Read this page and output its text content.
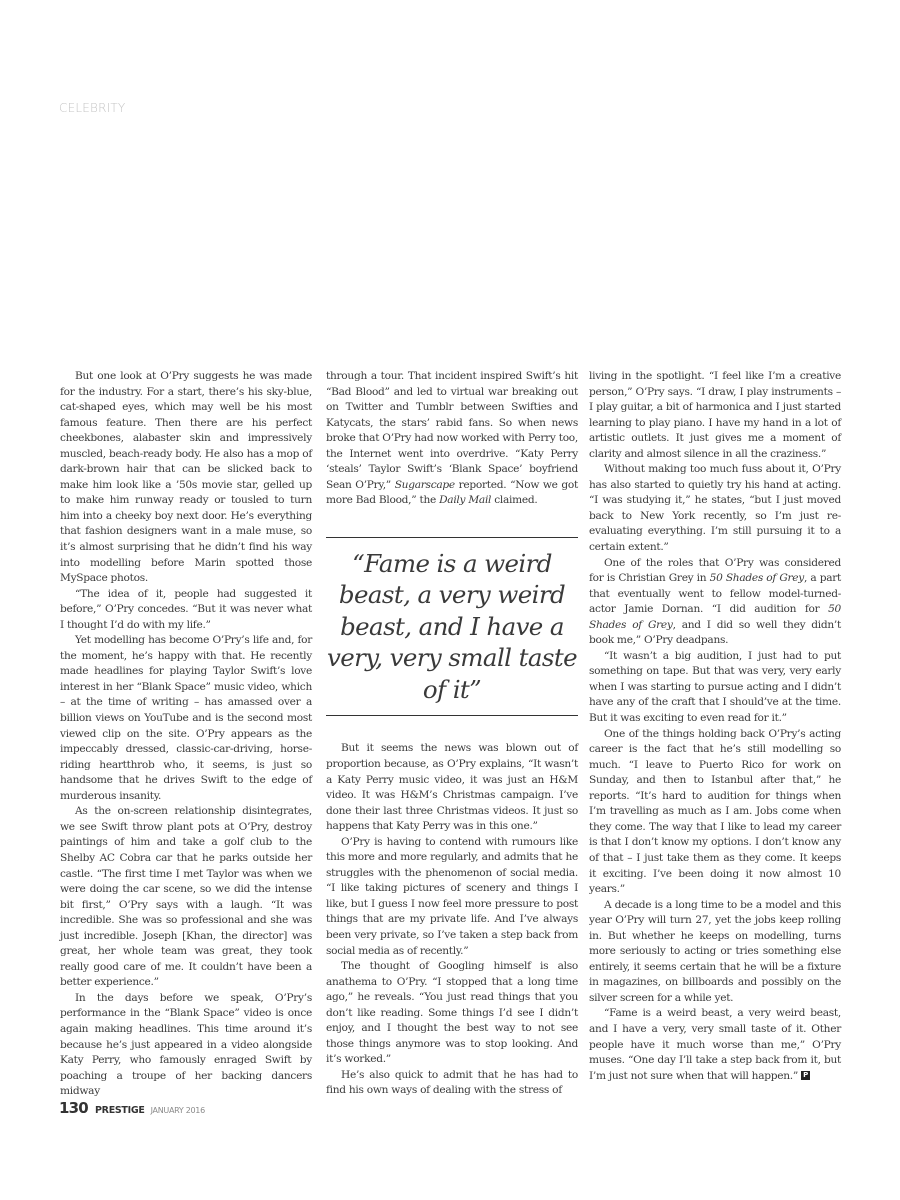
CELEBRITY

But one look at O’Pry suggests he was made for the industry. For a start, there’s his sky-blue, cat-shaped eyes, which may well be his most famous feature. Then there are his perfect cheekbones, alabaster skin and impressively muscled, beach-ready body. He also has a mop of dark-brown hair that can be slicked back to make him look like a ’50s movie star, gelled up to make him runway ready or tousled to turn him into a cheeky boy next door. He’s everything that fashion designers want in a male muse, so it’s almost surprising that he didn’t find his way into modelling before Marin spotted those MySpace photos.

“The idea of it, people had suggested it before,” O’Pry concedes. “But it was never what I thought I’d do with my life.”

Yet modelling has become O’Pry’s life and, for the moment, he’s happy with that. He recently made headlines for playing Taylor Swift’s love interest in her “Blank Space” music video, which – at the time of writing – has amassed over a billion views on YouTube and is the second most viewed clip on the site. O’Pry appears as the impeccably dressed, classic-car-driving, horse-riding heartthrob who, it seems, is just so handsome that he drives Swift to the edge of murderous insanity.

As the on-screen relationship disintegrates, we see Swift throw plant pots at O’Pry, destroy paintings of him and take a golf club to the Shelby AC Cobra car that he parks outside her castle. “The first time I met Taylor was when we were doing the car scene, so we did the intense bit first,” O’Pry says with a laugh. “It was incredible. She was so professional and she was just incredible. Joseph [Khan, the director] was great, her whole team was great, they took really good care of me. It couldn’t have been a better experience.”

In the days before we speak, O’Pry’s performance in the “Blank Space” video is once again making headlines. This time around it’s because he’s just appeared in a video alongside Katy Perry, who famously enraged Swift by poaching a troupe of her backing dancers midway

through a tour. That incident inspired Swift’s hit “Bad Blood” and led to virtual war breaking out on Twitter and Tumblr between Swifties and Katycats, the stars’ rabid fans. So when news broke that O’Pry had now worked with Perry too, the Internet went into overdrive. “Katy Perry ‘steals’ Taylor Swift’s ‘Blank Space’ boyfriend Sean O’Pry,” Sugarscape reported. “Now we got more Bad Blood,” the Daily Mail claimed.

“Fame is a weird beast, a very weird beast, and I have a very, very small taste of it”

But it seems the news was blown out of proportion because, as O’Pry explains, “It wasn’t a Katy Perry music video, it was just an H&M video. It was H&M’s Christmas campaign. I’ve done their last three Christmas videos. It just so happens that Katy Perry was in this one.”

O’Pry is having to contend with rumours like this more and more regularly, and admits that he struggles with the phenomenon of social media. “I like taking pictures of scenery and things I like, but I guess I now feel more pressure to post things that are my private life. And I’ve always been very private, so I’ve taken a step back from social media as of recently.”

The thought of Googling himself is also anathema to O’Pry. “I stopped that a long time ago,” he reveals. “You just read things that you don’t like reading. Some things I’d see I didn’t enjoy, and I thought the best way to not see those things anymore was to stop looking. And it’s worked.”

He’s also quick to admit that he has had to find his own ways of dealing with the stress of

living in the spotlight. “I feel like I’m a creative person,” O’Pry says. “I draw, I play instruments – I play guitar, a bit of harmonica and I just started learning to play piano. I have my hand in a lot of artistic outlets. It just gives me a moment of clarity and almost silence in all the craziness.”

Without making too much fuss about it, O’Pry has also started to quietly try his hand at acting. “I was studying it,” he states, “but I just moved back to New York recently, so I’m just re-evaluating everything. I’m still pursuing it to a certain extent.”

One of the roles that O’Pry was considered for is Christian Grey in 50 Shades of Grey, a part that eventually went to fellow model-turned-actor Jamie Dornan. “I did audition for 50 Shades of Grey, and I did so well they didn’t book me,” O’Pry deadpans.

“It wasn’t a big audition, I just had to put something on tape. But that was very, very early when I was starting to pursue acting and I didn’t have any of the craft that I should’ve at the time. But it was exciting to even read for it.”

One of the things holding back O’Pry’s acting career is the fact that he’s still modelling so much. “I leave to Puerto Rico for work on Sunday, and then to Istanbul after that,” he reports. “It’s hard to audition for things when I’m travelling as much as I am. Jobs come when they come. The way that I like to lead my career is that I don’t know my options. I don’t know any of that – I just take them as they come. It keeps it exciting. I’ve been doing it now almost 10 years.”

A decade is a long time to be a model and this year O’Pry will turn 27, yet the jobs keep rolling in. But whether he keeps on modelling, turns more seriously to acting or tries something else entirely, it seems certain that he will be a fixture in magazines, on billboards and possibly on the silver screen for a while yet.

“Fame is a weird beast, a very weird beast, and I have a very, very small taste of it. Other people have it much worse than me,” O’Pry muses. “One day I’ll take a step back from it, but I’m just not sure when that will happen.” P

130 PRESTIGE JANUARY 2016
